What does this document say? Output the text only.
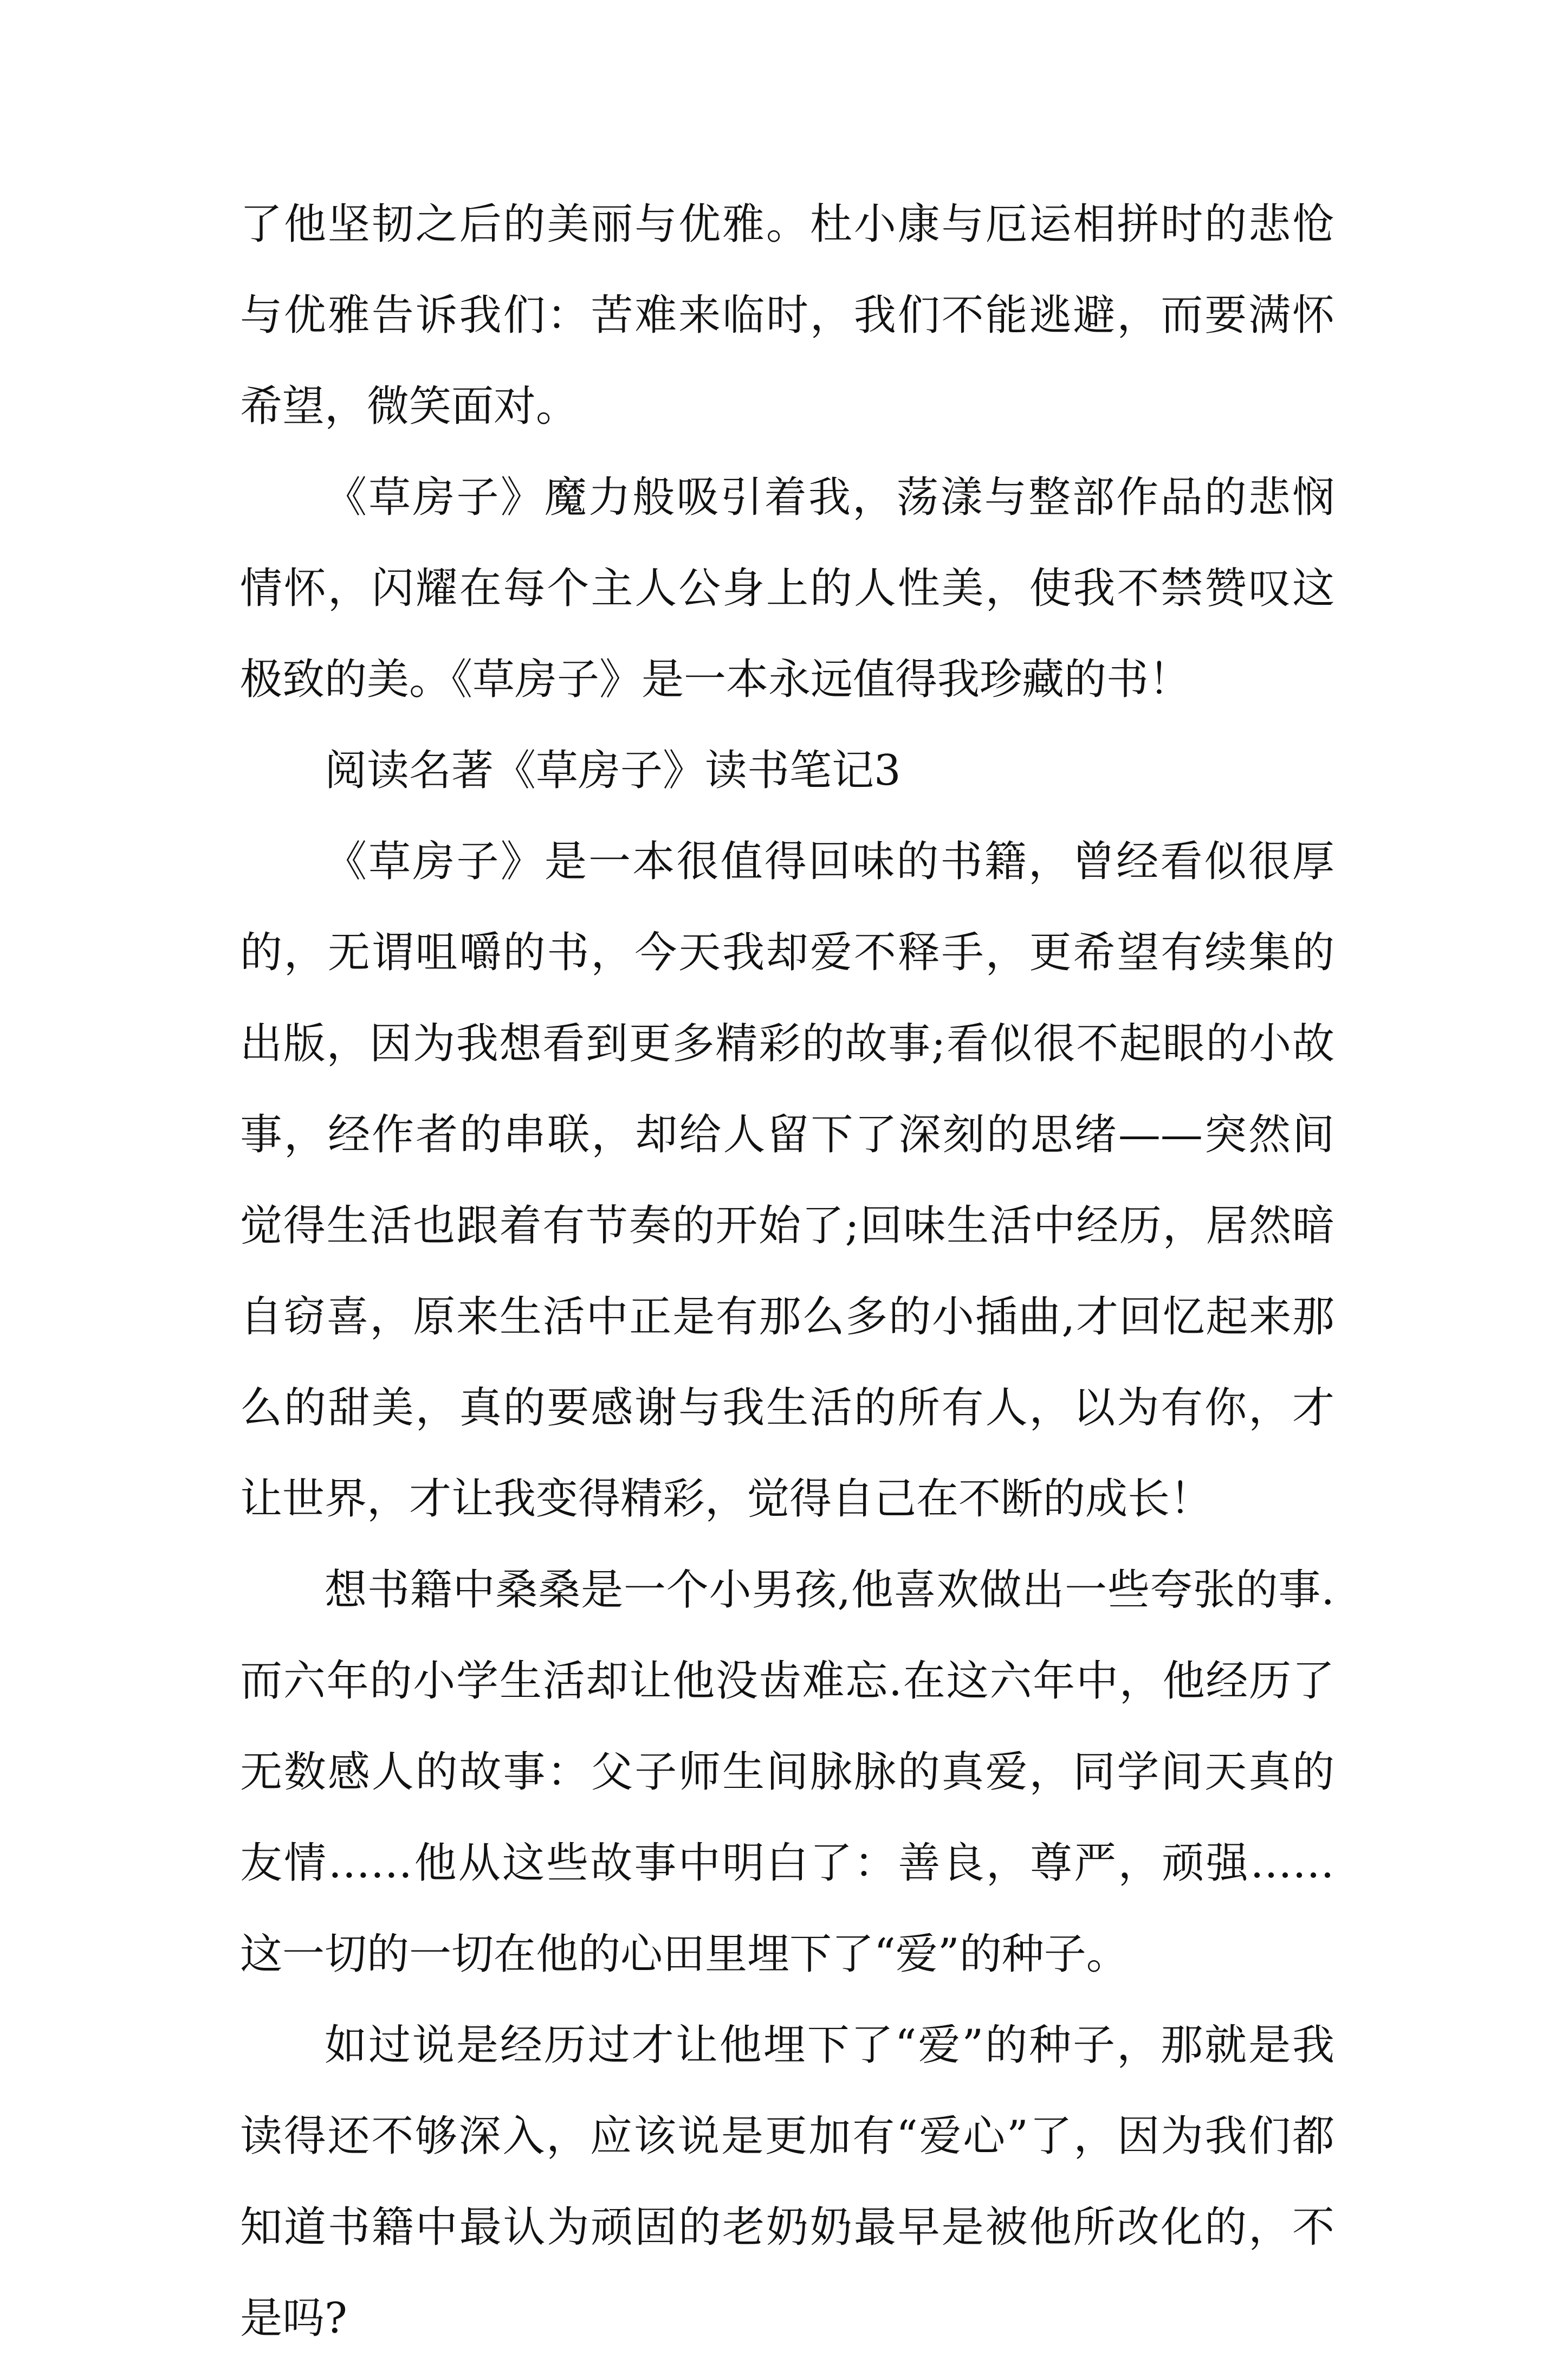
了他坚韧之后的美丽与优雅。杜小康与厄运相拼时的悲怆与优雅告诉我们：苦难来临时，我们不能逃避，而要满怀希望，微笑面对。

《草房子》魔力般吸引着我，荡漾与整部作品的悲悯情怀，闪耀在每个主人公身上的人性美，使我不禁赞叹这极致的美。《草房子》是一本永远值得我珍藏的书！

阅读名著《草房子》读书笔记3

《草房子》是一本很值得回味的书籍，曾经看似很厚的，无谓咀嚼的书，今天我却爱不释手，更希望有续集的出版，因为我想看到更多精彩的故事;看似很不起眼的小故事，经作者的串联，却给人留下了深刻的思绪——突然间觉得生活也跟着有节奏的开始了;回味生活中经历，居然暗自窃喜，原来生活中正是有那么多的小插曲,才回忆起来那么的甜美，真的要感谢与我生活的所有人，以为有你，才让世界，才让我变得精彩，觉得自己在不断的成长！

想书籍中桑桑是一个小男孩,他喜欢做出一些夸张的事.而六年的小学生活却让他没齿难忘.在这六年中，他经历了无数感人的故事：父子师生间脉脉的真爱，同学间天真的友情……他从这些故事中明白了：善良，尊严，顽强……这一切的一切在他的心田里埋下了“爱”的种子。

如过说是经历过才让他埋下了“爱”的种子，那就是我读得还不够深入，应该说是更加有“爱心”了，因为我们都知道书籍中最认为顽固的老奶奶最早是被他所改化的，不是吗?
